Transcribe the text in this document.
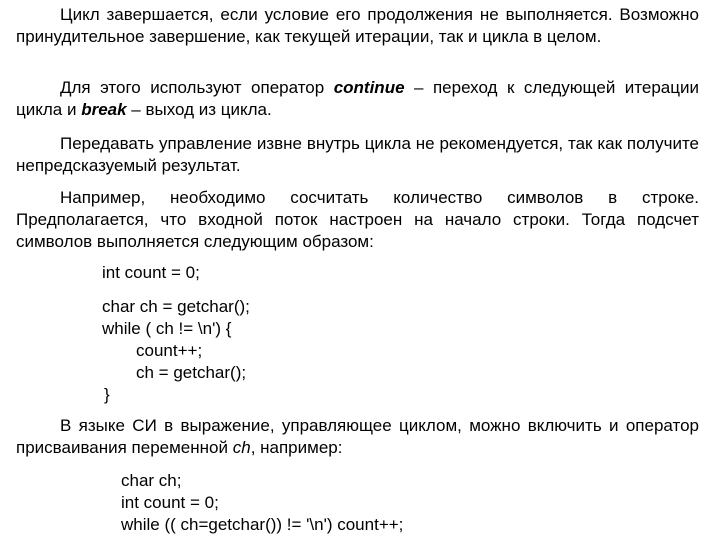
Цикл завершается, если условие его продолжения не выполняется. Возможно принудительное завершение, как текущей итерации, так и цикла в целом.

Для этого используют оператор continue – переход к следующей итерации цикла и break – выход из цикла.

Передавать управление извне внутрь цикла не рекомендуется, так как получите непредсказуемый результат.

Например, необходимо сосчитать количество символов в строке. Предполагается, что входной поток настроен на начало строки. Тогда подсчет символов выполняется следующим образом:

int count = 0;
char ch = getchar();
while ( ch != \n') {
count++;
ch = getchar();
}

В языке СИ в выражение, управляющее циклом, можно включить и оператор присваивания переменной ch, например:

char ch;
int count = 0;
while (( ch=getchar()) != '\n') count++;
